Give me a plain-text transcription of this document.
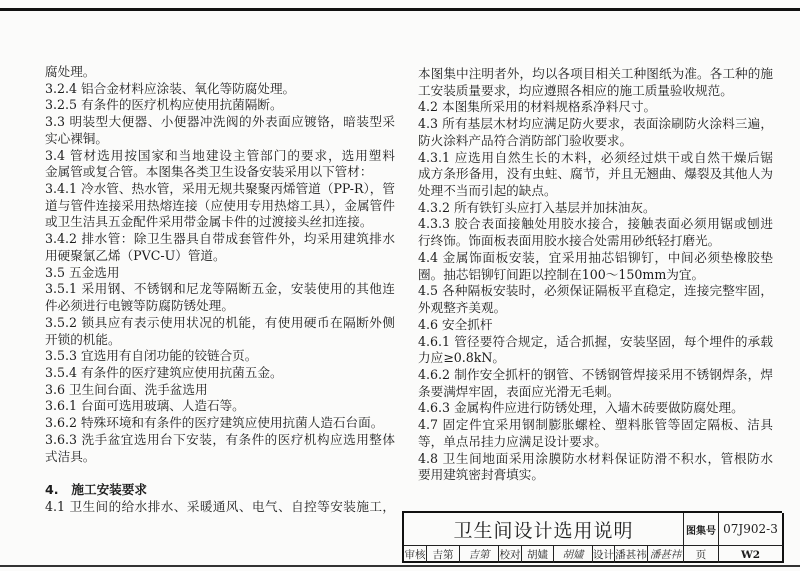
腐处理。
3.2.4 铝合金材料应涂装、氧化等防腐处理。
3.2.5 有条件的医疗机构应使用抗菌隔断。
3.3 明装型大便器、小便器冲洗阀的外表面应镀铬，暗装型采
实心裸铜。
3.4 管材选用按国家和当地建设主管部门的要求，选用塑料
金属管或复合管。本图集各类卫生设备安装采用以下管材：
3.4.1 冷水管、热水管，采用无规共聚聚丙烯管道（PP-R），管
道与管件连接采用热熔连接（应使用专用热熔工具），金属管件
或卫生洁具五金配件采用带金属卡件的过渡接头丝扣连接。
3.4.2 排水管：除卫生器具自带成套管件外，均采用建筑排水
用硬聚氯乙烯（PVC-U）管道。
3.5 五金选用
3.5.1 采用钢、不锈钢和尼龙等隔断五金，安装使用的其他连
件必须进行电镀等防腐防锈处理。
3.5.2 锁具应有表示使用状况的机能，有使用硬币在隔断外侧
开锁的机能。
3.5.3 宜选用有自闭功能的铰链合页。
3.5.4 有条件的医疗建筑应使用抗菌五金。
3.6 卫生间台面、洗手盆选用
3.6.1 台面可选用玻璃、人造石等。
3.6.2 特殊环境和有条件的医疗建筑应使用抗菌人造石台面。
3.6.3 洗手盆宜选用台下安装，有条件的医疗机构应选用整体
式洁具。
4. 施工安装要求
4.1 卫生间的给水排水、采暖通风、电气、自控等安装施工，
本图集中注明者外，均以各项目相关工种图纸为准。各工种的施
工安装质量要求，均应遵照各相应的施工质量验收规范。
4.2 本图集所采用的材料规格系净料尺寸。
4.3 所有基层木材均应满足防火要求，表面涂刷防火涂料三遍，
防火涂料产品符合消防部门验收要求。
4.3.1 应选用自然生长的木料，必须经过烘干或自然干燥后锯
成方条形备用，没有虫蛀、腐节，并且无翘曲、爆裂及其他人为
处理不当而引起的缺点。
4.3.2 所有铁钉头应打入基层并加抹油灰。
4.3.3 胶合表面接触处用胶水接合，接触表面必须用锯或刨进
行终饰。饰面板表面用胶水接合处需用砂纸轻打磨光。
4.4 金属饰面板安装，宜采用抽芯铝铆钉，中间必须垫橡胶垫
圈。抽芯铝铆钉间距以控制在100～150mm为宜。
4.5 各种隔板安装时，必须保证隔板平直稳定，连接完整牢固，
外观整齐美观。
4.6 安全抓杆
4.6.1 管径要符合规定，适合抓握，安装坚固，每个埋件的承载
力应≥0.8kN。
4.6.2 制作安全抓杆的钢管、不锈钢管焊接采用不锈钢焊条，焊
条要满焊牢固，表面应光滑无毛刺。
4.6.3 金属构件应进行防锈处理，入墙木砖要做防腐处理。
4.7 固定件宜采用钢制膨胀螺栓、塑料胀管等固定隔板、洁具
等，单点吊挂力应满足设计要求。
4.8 卫生间地面采用涂膜防水材料保证防滑不积水，管根防水
要用建筑密封膏填实。
卫生间设计选用说明	图集号 07J902-3
审核 吉第	吉第 校对 胡嫿	胡嫿 设计 潘甚祎 潘甚祎	页	W2
